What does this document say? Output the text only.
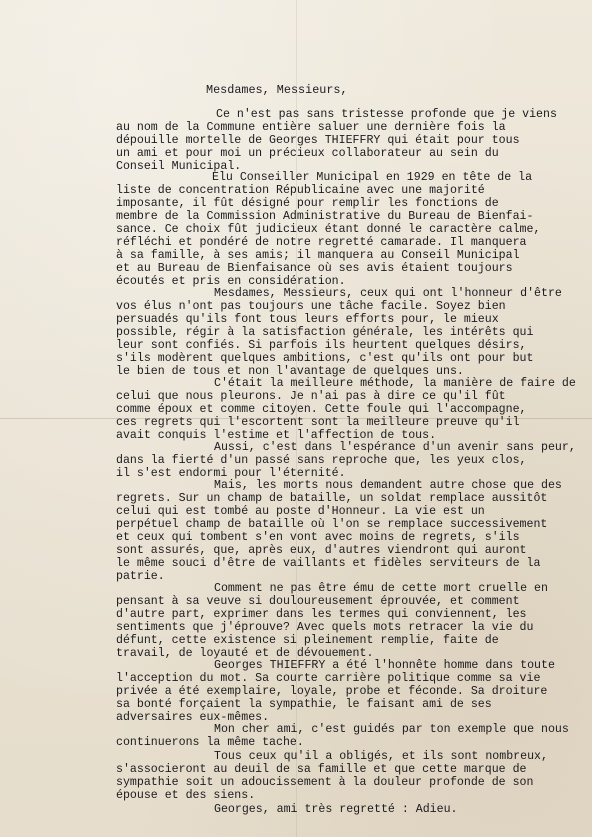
Mesdames, Messieurs,
Ce n'est pas sans tristesse profonde que je viens
au nom de la Commune entière saluer une dernière fois la
dépouille mortelle de Georges THIEFFRY qui était pour tous
un ami et pour moi un précieux collaborateur au sein du
Conseil Municipal.
Elu Conseiller Municipal en 1929 en tête de la
liste de concentration Républicaine avec une majorité
imposante, il fût désigné pour remplir les fonctions de
membre de la Commission Administrative du Bureau de Bienfai-
sance. Ce choix fût judicieux étant donné le caractère calme,
réfléchi et pondéré de notre regretté camarade. Il manquera
à sa famille, à ses amis; il manquera au Conseil Municipal
et au Bureau de Bienfaisance où ses avis étaient toujours
écoutés et pris en considération.
Mesdames, Messieurs, ceux qui ont l'honneur d'être
vos élus n'ont pas toujours une tâche facile. Soyez bien
persuadés qu'ils font tous leurs efforts pour, le mieux
possible, régir à la satisfaction générale, les intérêts qui
leur sont confiés. Si parfois ils heurtent quelques désirs,
s'ils modèrent quelques ambitions, c'est qu'ils ont pour but
le bien de tous et non l'avantage de quelques uns.
C'était la meilleure méthode, la manière de faire de
celui que nous pleurons. Je n'ai pas à dire ce qu'il fût
comme époux et comme citoyen. Cette foule qui l'accompagne,
ces regrets qui l'escortent sont la meilleure preuve qu'il
avait conquis l'estime et l'affection de tous.
Aussi, c'est dans l'espérance d'un avenir sans peur,
dans la fierté d'un passé sans reproche que, les yeux clos,
il s'est endormi pour l'éternité.
Mais, les morts nous demandent autre chose que des
regrets. Sur un champ de bataille, un soldat remplace aussitôt
celui qui est tombé au poste d'Honneur. La vie est un
perpétuel champ de bataille où l'on se remplace successivement
et ceux qui tombent s'en vont avec moins de regrets, s'ils
sont assurés, que, après eux, d'autres viendront qui auront
le même souci d'être de vaillants et fidèles serviteurs de la
patrie.
Comment ne pas être ému de cette mort cruelle en
pensant à sa veuve si douloureusement éprouvée, et comment
d'autre part, exprimer dans les termes qui conviennent, les
sentiments que j'éprouve? Avec quels mots retracer la vie du
défunt, cette existence si pleinement remplie, faite de
travail, de loyauté et de dévouement.
Georges THIEFFRY a été l'honnête homme dans toute
l'acception du mot. Sa courte carrière politique comme sa vie
privée a été exemplaire, loyale, probe et féconde. Sa droiture
sa bonté forçaient la sympathie, le faisant ami de ses
adversaires eux-mêmes.
Mon cher ami, c'est guidés par ton exemple que nous
continuerons la même tache.
Tous ceux qu'il a obligés, et ils sont nombreux,
s'associeront au deuil de sa famille et que cette marque de
sympathie soit un adoucissement à la douleur profonde de son
épouse et des siens.
Georges, ami très regretté : Adieu.
